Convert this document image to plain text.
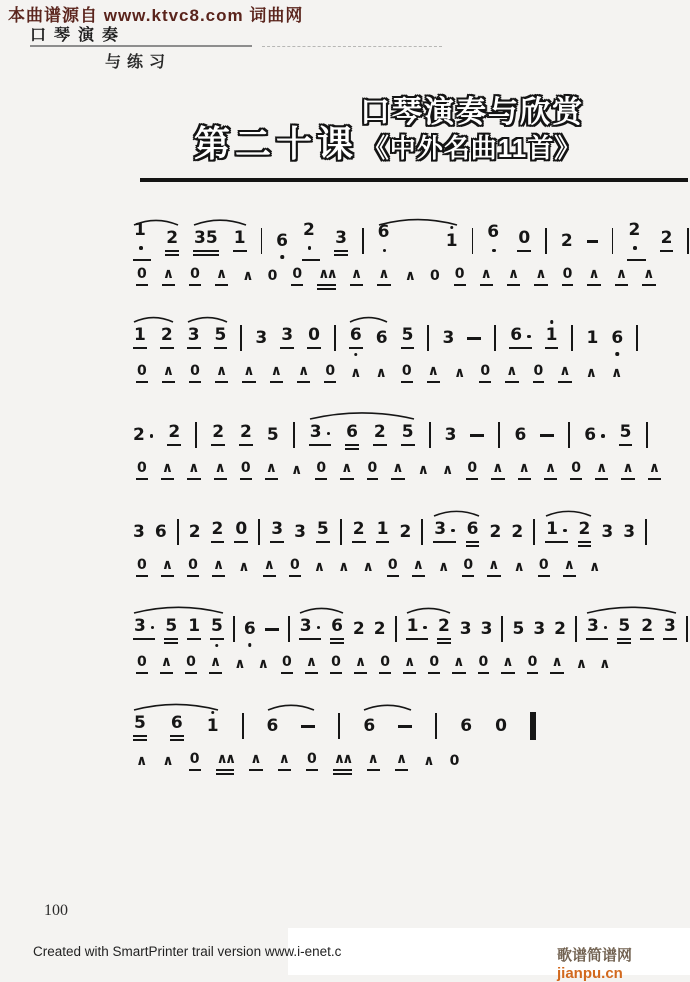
本曲谱源自 www.ktvc8.com 词曲网
口琴演奏
与练习
第二十课
口琴演奏与欣赏
《中外名曲11首》
1	2 35 1 6
2	3 6	1 6 0 2
2	2
0 ∧ 0 ∧ ∧ 0 0 ∧∧ ∧ ∧ ∧ 0 0 ∧ ∧ ∧ 0 ∧ ∧ ∧
1 2 3 5 3 3 0 6 6 5 3	6	1 1 6
0 ∧ 0 ∧ ∧ ∧ ∧ 0 ∧ ∧ 0 ∧ ∧ 0 ∧ 0 ∧ ∧ ∧
2	2 2 2 5 3	6 2 5 3	6	6	5
0 ∧ ∧ ∧ 0 ∧ ∧ 0 ∧ 0 ∧ ∧ ∧ 0 ∧ ∧ ∧ 0 ∧ ∧ ∧
3 6 2 2 0 3 3 5 2 1 2 3	6 2 2 1	2 3 3
0 ∧ 0 ∧ ∧ ∧ 0 ∧ ∧ ∧ 0 ∧ ∧ 0 ∧ ∧ 0 ∧ ∧
3	5 1 5 6	3	6 2 2 1	2 3 3 5 3 2 3	5 2 3
0 ∧ 0 ∧ ∧ ∧ 0 ∧ 0 ∧ 0 ∧ 0 ∧ 0 ∧ 0 ∧ ∧ ∧
5 6 1	6	6	6 0
∧ ∧ 0 ∧∧ ∧ ∧ 0 ∧∧ ∧ ∧ ∧ 0
100
Created with SmartPrinter trail version www.i-enet.c	歌谱简谱网 jianpu.cn
